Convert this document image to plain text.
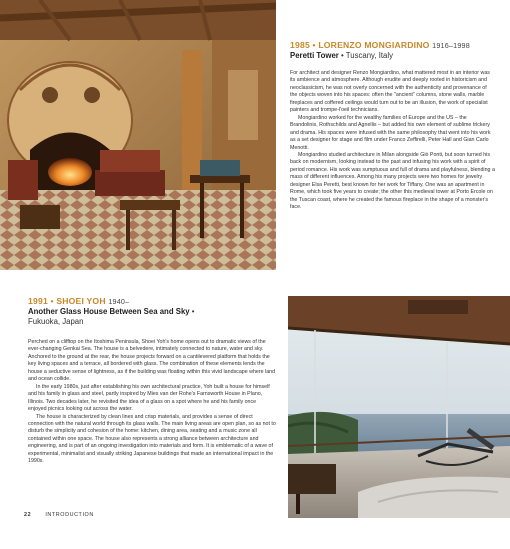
1985 • LORENZO MONGIARDINO 1916–1998
Peretti Tower • Tuscany, Italy

For architect and designer Renzo Mongiardino, what mattered most in an interior was its ambience and atmosphere. Although erudite and deeply rooted in historicism and neoclassicism, he was not overly concerned with the authenticity and provenance of the objects woven into his spaces: often the "ancient" columns, stone walls, marble fireplaces and coffered ceilings would turn out to be an illusion, the work of specialist painters and trompe-l'oeil technicians.

Mongiardino worked for the wealthy families of Europe and the US – the Brandolinis, Rothschilds and Agnellis – but added his own element of sublime trickery and drama. His spaces were infused with the same philosophy that went into his work as a set designer for stage and film under Franco Zeffirelli, Peter Hall and Gian Carlo Menotti.

Mongiardino studied architecture in Milan alongside Giò Ponti, but soon turned his back on modernism, looking instead to the past and infusing his work with a spirit of period romance. His work was sumptuous and full of drama and playfulness, blending a mass of different influences. Among his many projects were two homes for jewelry designer Elsa Peretti, best known for her work for Tiffany. One was an apartment in Rome, which took five years to create; the other this medieval tower at Porto Ercole on the Tuscan coast, where he created the famous fireplace in the shape of a monster's face.

1991 • SHOEI YOH 1940–
Another Glass House Between Sea and Sky •
Fukuoka, Japan

Perched on a clifftop on the Itoshima Peninsula, Shoei Yoh's home opens out to dramatic views of the ever-changing Genkai Sea. The house is a belvedere, intimately connected to nature, water and sky. Anchored to the ground at the rear, the house projects forward on a cantilevered platform that holds the key living spaces and a terrace, all bordered with glass. The combination of these elements lends the house a seductive sense of lightness, as if the building was floating within this vivid landscape where land and ocean collide.

In the early 1980s, just after establishing his own architectural practice, Yoh built a house for himself and his family in glass and steel, partly inspired by Mies van der Rohe's Farnsworth House in Plano, Illinois. Two decades later, he revisited the idea of a glass on a spot where he and his family once enjoyed picnics looking out across the water.

The house is characterized by clean lines and crisp materials, and provides a sense of direct connection with the natural world through its glass walls. The main living areas are open plan, so as not to disturb the simplicity and cohesion of the home: kitchen, dining area, seating and a music zone all contained within one space. The house also represents a strong alliance between architecture and engineering, and is part of an ongoing investigation into materials and form. It is emblematic of a wave of experimental, minimalist and visually striking Japanese buildings that made an international impact in the 1990s.

22	INTRODUCTION
